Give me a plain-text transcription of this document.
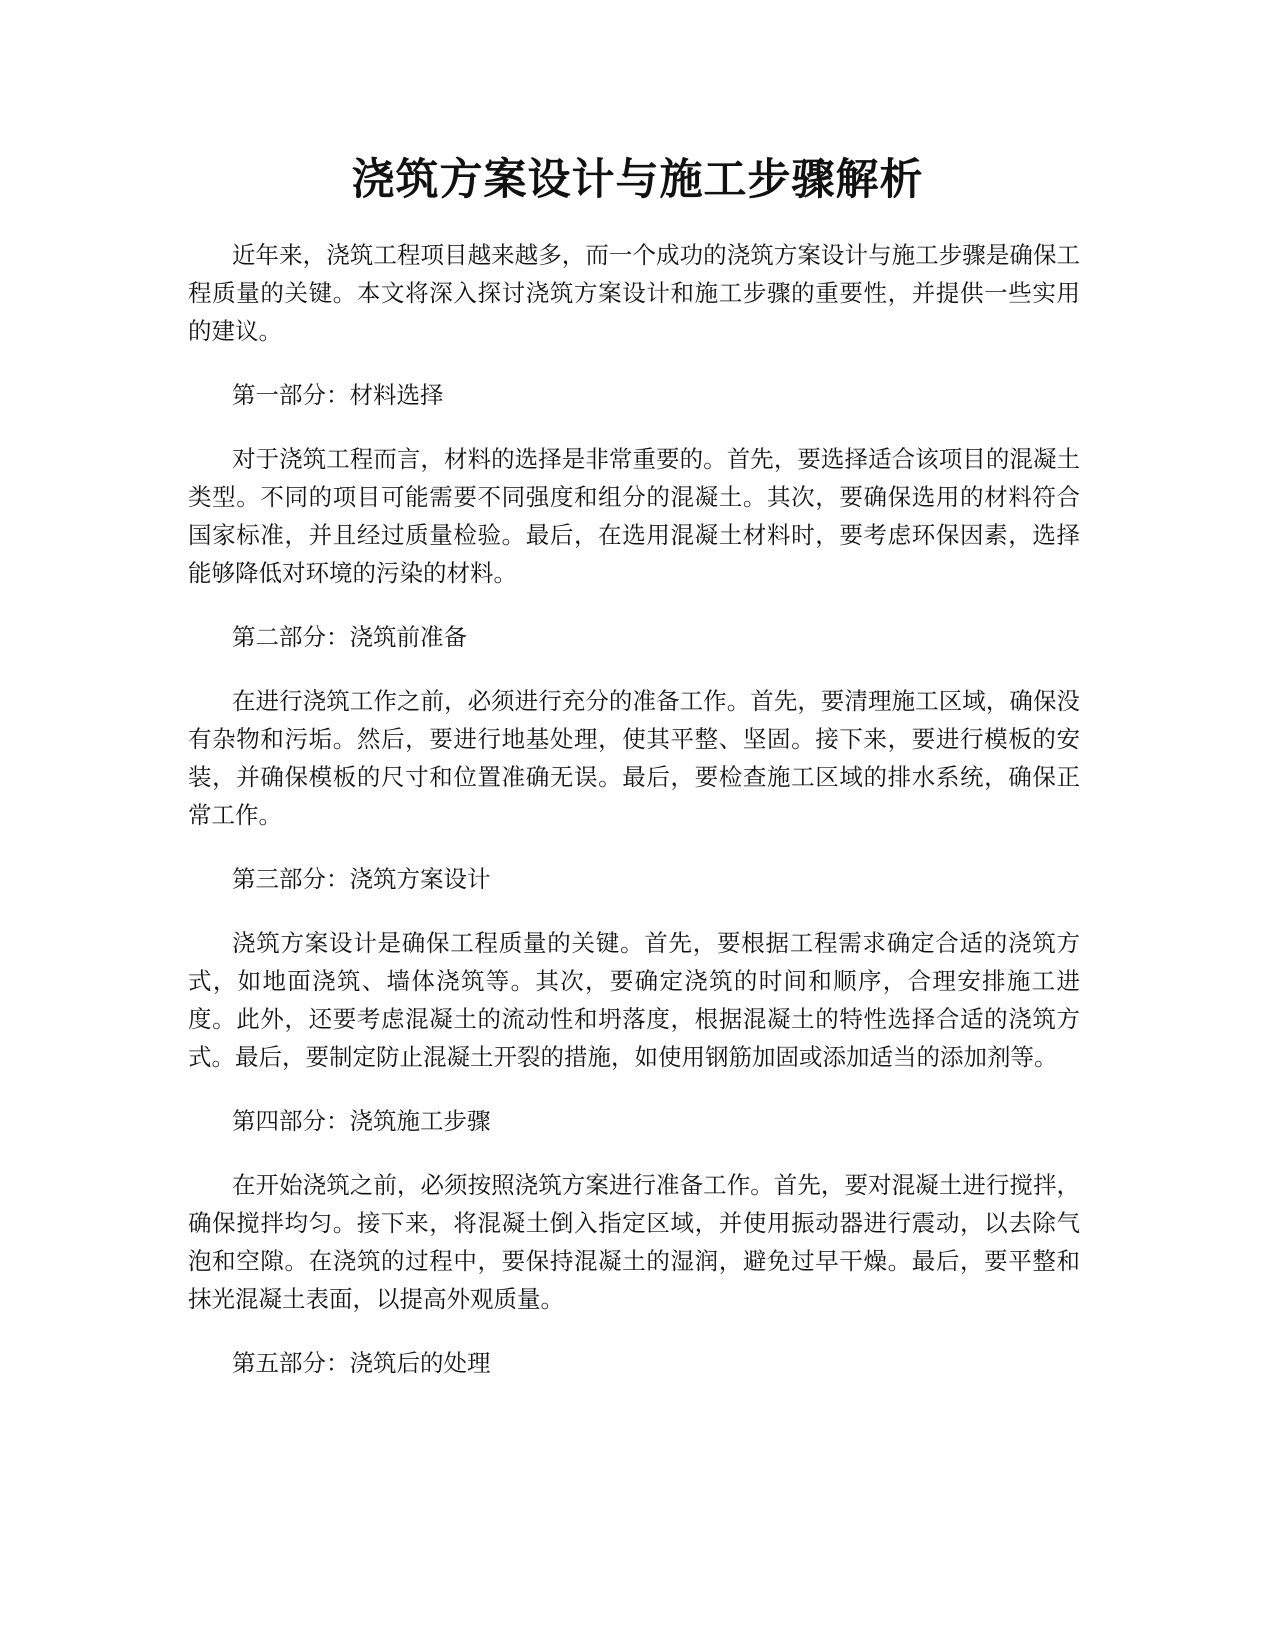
浇筑方案设计与施工步骤解析

近年来，浇筑工程项目越来越多，而一个成功的浇筑方案设计与施工步骤是确保工程质量的关键。本文将深入探讨浇筑方案设计和施工步骤的重要性，并提供一些实用的建议。

第一部分：材料选择

对于浇筑工程而言，材料的选择是非常重要的。首先，要选择适合该项目的混凝土类型。不同的项目可能需要不同强度和组分的混凝土。其次，要确保选用的材料符合国家标准，并且经过质量检验。最后，在选用混凝土材料时，要考虑环保因素，选择能够降低对环境的污染的材料。

第二部分：浇筑前准备

在进行浇筑工作之前，必须进行充分的准备工作。首先，要清理施工区域，确保没有杂物和污垢。然后，要进行地基处理，使其平整、坚固。接下来，要进行模板的安装，并确保模板的尺寸和位置准确无误。最后，要检查施工区域的排水系统，确保正常工作。

第三部分：浇筑方案设计

浇筑方案设计是确保工程质量的关键。首先，要根据工程需求确定合适的浇筑方式，如地面浇筑、墙体浇筑等。其次，要确定浇筑的时间和顺序，合理安排施工进度。此外，还要考虑混凝土的流动性和坍落度，根据混凝土的特性选择合适的浇筑方式。最后，要制定防止混凝土开裂的措施，如使用钢筋加固或添加适当的添加剂等。

第四部分：浇筑施工步骤

在开始浇筑之前，必须按照浇筑方案进行准备工作。首先，要对混凝土进行搅拌，确保搅拌均匀。接下来，将混凝土倒入指定区域，并使用振动器进行震动，以去除气泡和空隙。在浇筑的过程中，要保持混凝土的湿润，避免过早干燥。最后，要平整和抹光混凝土表面，以提高外观质量。

第五部分：浇筑后的处理
